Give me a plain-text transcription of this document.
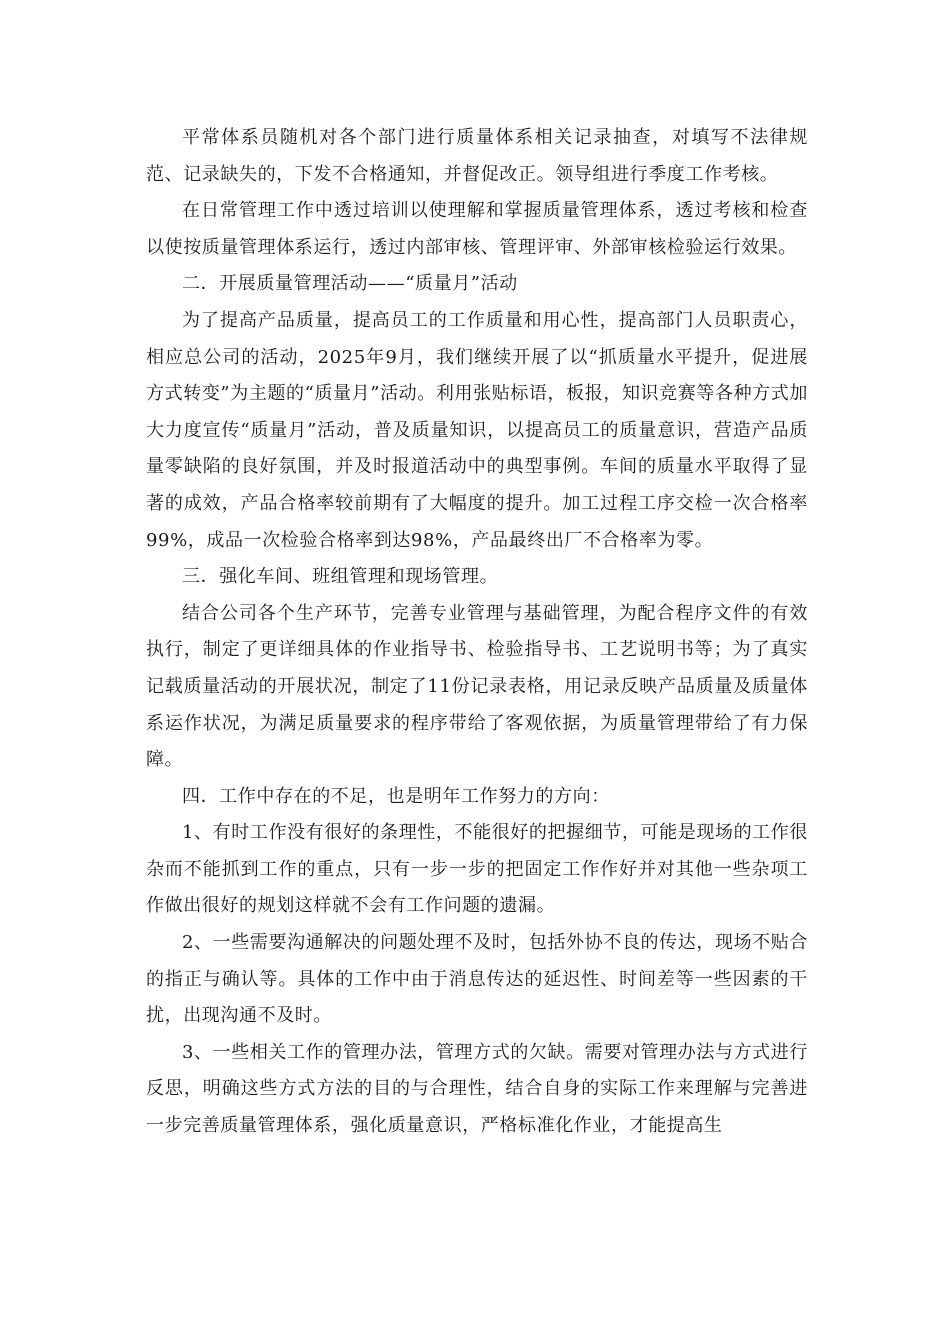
平常体系员随机对各个部门进行质量体系相关记录抽查，对填写不法律规范、记录缺失的，下发不合格通知，并督促改正。领导组进行季度工作考核。

在日常管理工作中透过培训以使理解和掌握质量管理体系，透过考核和检查以使按质量管理体系运行，透过内部审核、管理评审、外部审核检验运行效果。

二．开展质量管理活动——“质量月”活动

为了提高产品质量，提高员工的工作质量和用心性，提高部门人员职责心，相应总公司的活动，2025年9月，我们继续开展了以“抓质量水平提升，促进展方式转变”为主题的“质量月”活动。利用张贴标语，板报，知识竞赛等各种方式加大力度宣传“质量月”活动，普及质量知识，以提高员工的质量意识，营造产品质量零缺陷的良好氛围，并及时报道活动中的典型事例。车间的质量水平取得了显著的成效，产品合格率较前期有了大幅度的提升。加工过程工序交检一次合格率99%，成品一次检验合格率到达98%，产品最终出厂不合格率为零。

三．强化车间、班组管理和现场管理。

结合公司各个生产环节，完善专业管理与基础管理，为配合程序文件的有效执行，制定了更详细具体的作业指导书、检验指导书、工艺说明书等；为了真实记载质量活动的开展状况，制定了11份记录表格，用记录反映产品质量及质量体系运作状况，为满足质量要求的程序带给了客观依据，为质量管理带给了有力保障。

四．工作中存在的不足，也是明年工作努力的方向：

1、有时工作没有很好的条理性，不能很好的把握细节，可能是现场的工作很杂而不能抓到工作的重点，只有一步一步的把固定工作作好并对其他一些杂项工作做出很好的规划这样就不会有工作问题的遗漏。

2、一些需要沟通解决的问题处理不及时，包括外协不良的传达，现场不贴合的指正与确认等。具体的工作中由于消息传达的延迟性、时间差等一些因素的干扰，出现沟通不及时。

3、一些相关工作的管理办法，管理方式的欠缺。需要对管理办法与方式进行反思，明确这些方式方法的目的与合理性，结合自身的实际工作来理解与完善进一步完善质量管理体系，强化质量意识，严格标准化作业，才能提高生
